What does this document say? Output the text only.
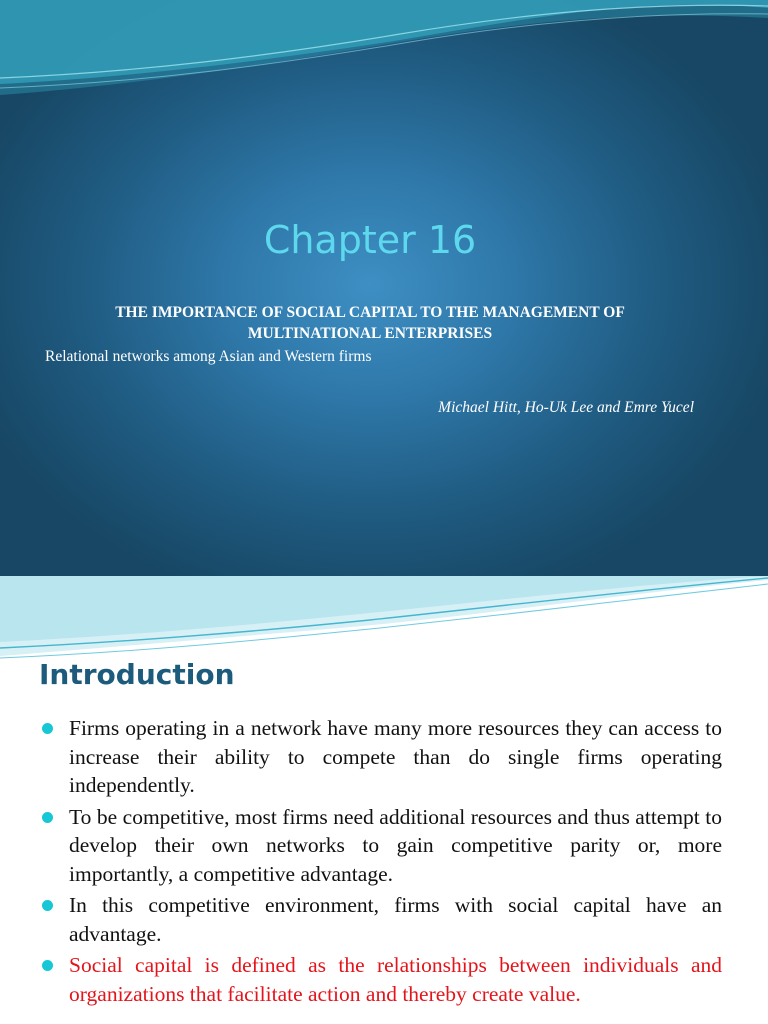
Chapter 16
THE IMPORTANCE OF SOCIAL CAPITAL TO THE MANAGEMENT OF MULTINATIONAL ENTERPRISES
Relational networks among Asian and Western firms
Michael Hitt, Ho-Uk Lee and Emre Yucel
Introduction
Firms operating in a network have many more resources they can access to increase their ability to compete than do single firms operating independently.
To be competitive, most firms need additional resources and thus attempt to develop their own networks to gain competitive parity or, more importantly, a competitive advantage.
In this competitive environment, firms with social capital have an advantage.
Social capital is defined as the relationships between individuals and organizations that facilitate action and thereby create value.
